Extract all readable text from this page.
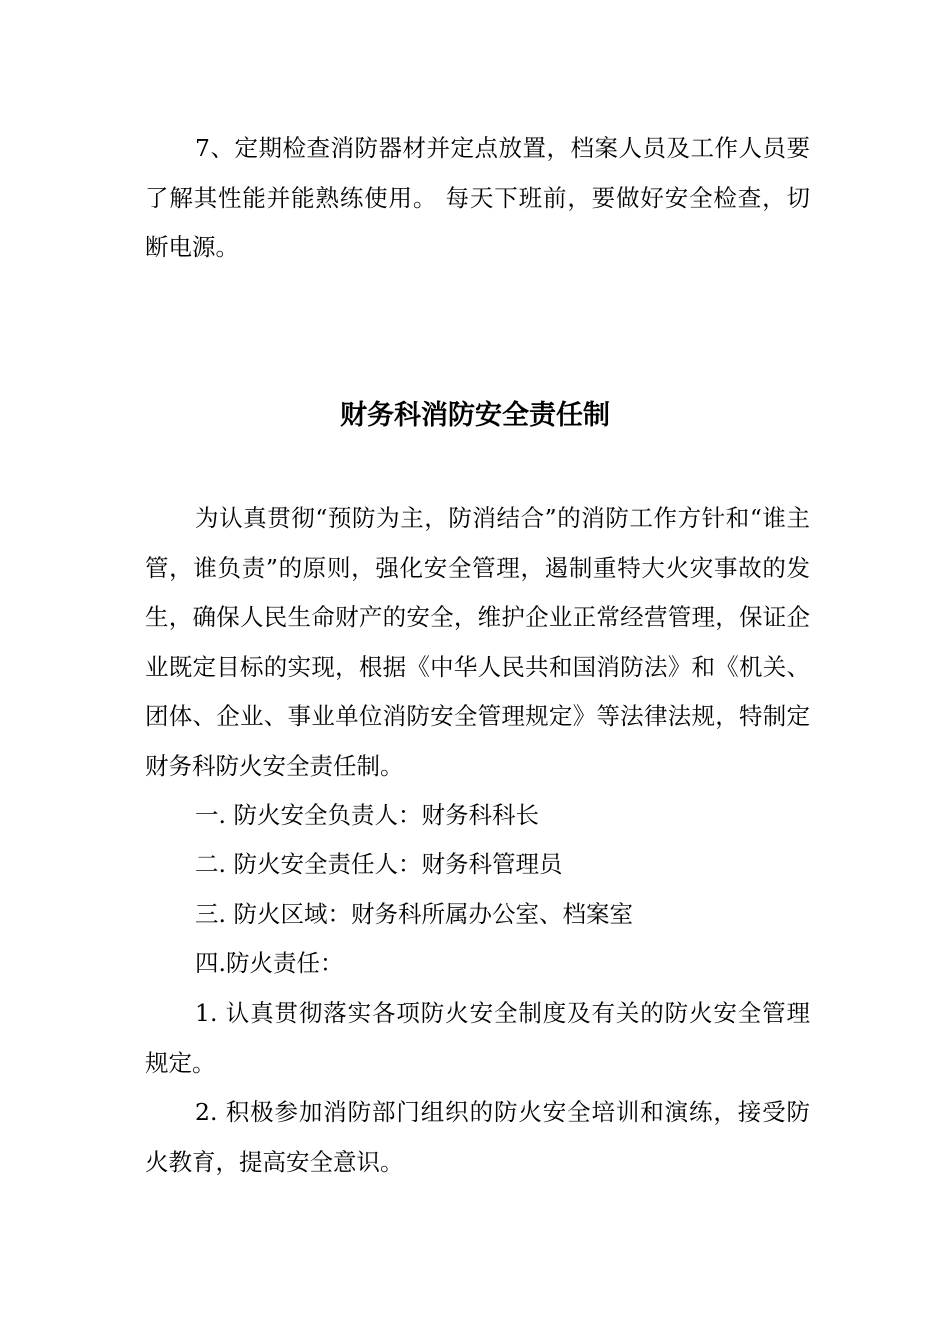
7、定期检查消防器材并定点放置，档案人员及工作人员要了解其性能并能熟练使用。 每天下班前，要做好安全检查，切断电源。

财务科消防安全责任制

为认真贯彻“预防为主，防消结合”的消防工作方针和“谁主管，谁负责”的原则，强化安全管理，遏制重特大火灾事故的发生，确保人民生命财产的安全，维护企业正常经营管理，保证企业既定目标的实现，根据《中华人民共和国消防法》和《机关、团体、企业、事业单位消防安全管理规定》等法律法规，特制定财务科防火安全责任制。

一. 防火安全负责人：财务科科长

二. 防火安全责任人：财务科管理员

三. 防火区域：财务科所属办公室、档案室

四.防火责任：

1. 认真贯彻落实各项防火安全制度及有关的防火安全管理规定。

2. 积极参加消防部门组织的防火安全培训和演练，接受防火教育，提高安全意识。
